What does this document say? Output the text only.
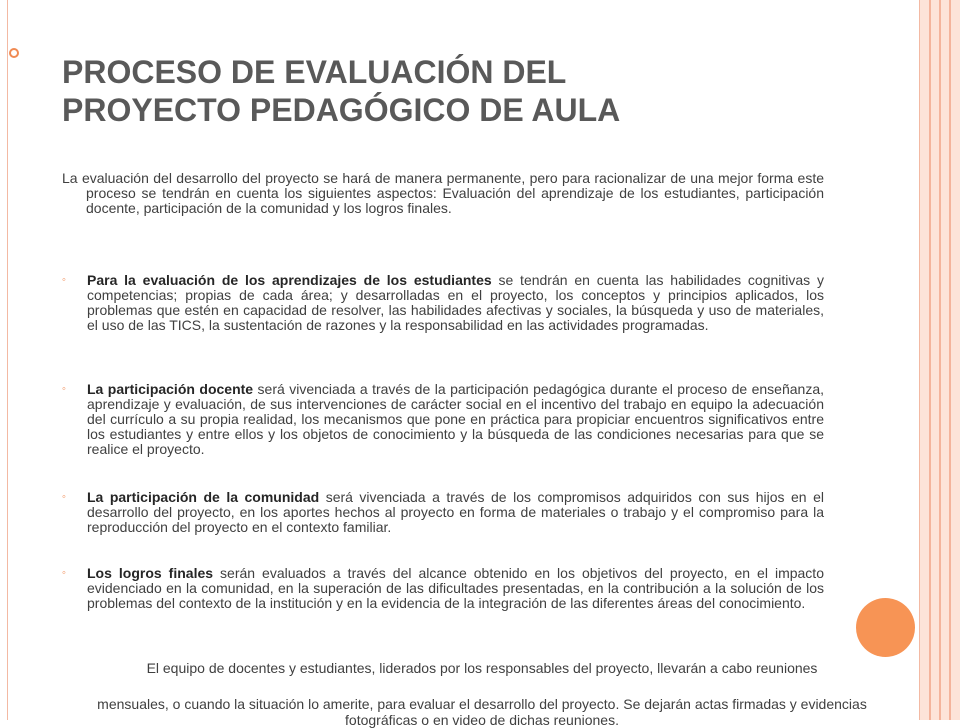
PROCESO DE EVALUACIÓN DEL
PROYECTO PEDAGÓGICO DE AULA

La evaluación del desarrollo del proyecto se hará de manera permanente, pero para racionalizar de una mejor forma este proceso se tendrán en cuenta los siguientes aspectos: Evaluación del aprendizaje de los estudiantes, participación docente, participación de la comunidad y los logros finales.

◦ Para la evaluación de los aprendizajes de los estudiantes se tendrán en cuenta las habilidades cognitivas y competencias; propias de cada área; y desarrolladas en el proyecto, los conceptos y principios aplicados, los problemas que estén en capacidad de resolver, las habilidades afectivas y sociales, la búsqueda y uso de materiales, el uso de las TICS, la sustentación de razones y la responsabilidad en las actividades programadas.
◦ La participación docente será vivenciada a través de la participación pedagógica durante el proceso de enseñanza, aprendizaje y evaluación, de sus intervenciones de carácter social en el incentivo del trabajo en equipo la adecuación del currículo a su propia realidad, los mecanismos que pone en práctica para propiciar encuentros significativos entre los estudiantes y entre ellos y los objetos de conocimiento y la búsqueda de las condiciones necesarias para que se realice el proyecto.
◦ La participación de la comunidad será vivenciada a través de los compromisos adquiridos con sus hijos en el desarrollo del proyecto, en los aportes hechos al proyecto en forma de materiales o trabajo y el compromiso para la reproducción del proyecto en el contexto familiar.
◦ Los logros finales serán evaluados a través del alcance obtenido en los objetivos del proyecto, en el impacto evidenciado en la comunidad, en la superación de las dificultades presentadas, en la contribución a la solución de los problemas del contexto de la institución y en la evidencia de la integración de las diferentes áreas del conocimiento.

El equipo de docentes y estudiantes, liderados por los responsables del proyecto, llevarán a cabo reuniones

mensuales, o cuando la situación lo amerite, para evaluar el desarrollo del proyecto. Se dejarán actas firmadas y evidencias fotográficas o en video de dichas reuniones.
